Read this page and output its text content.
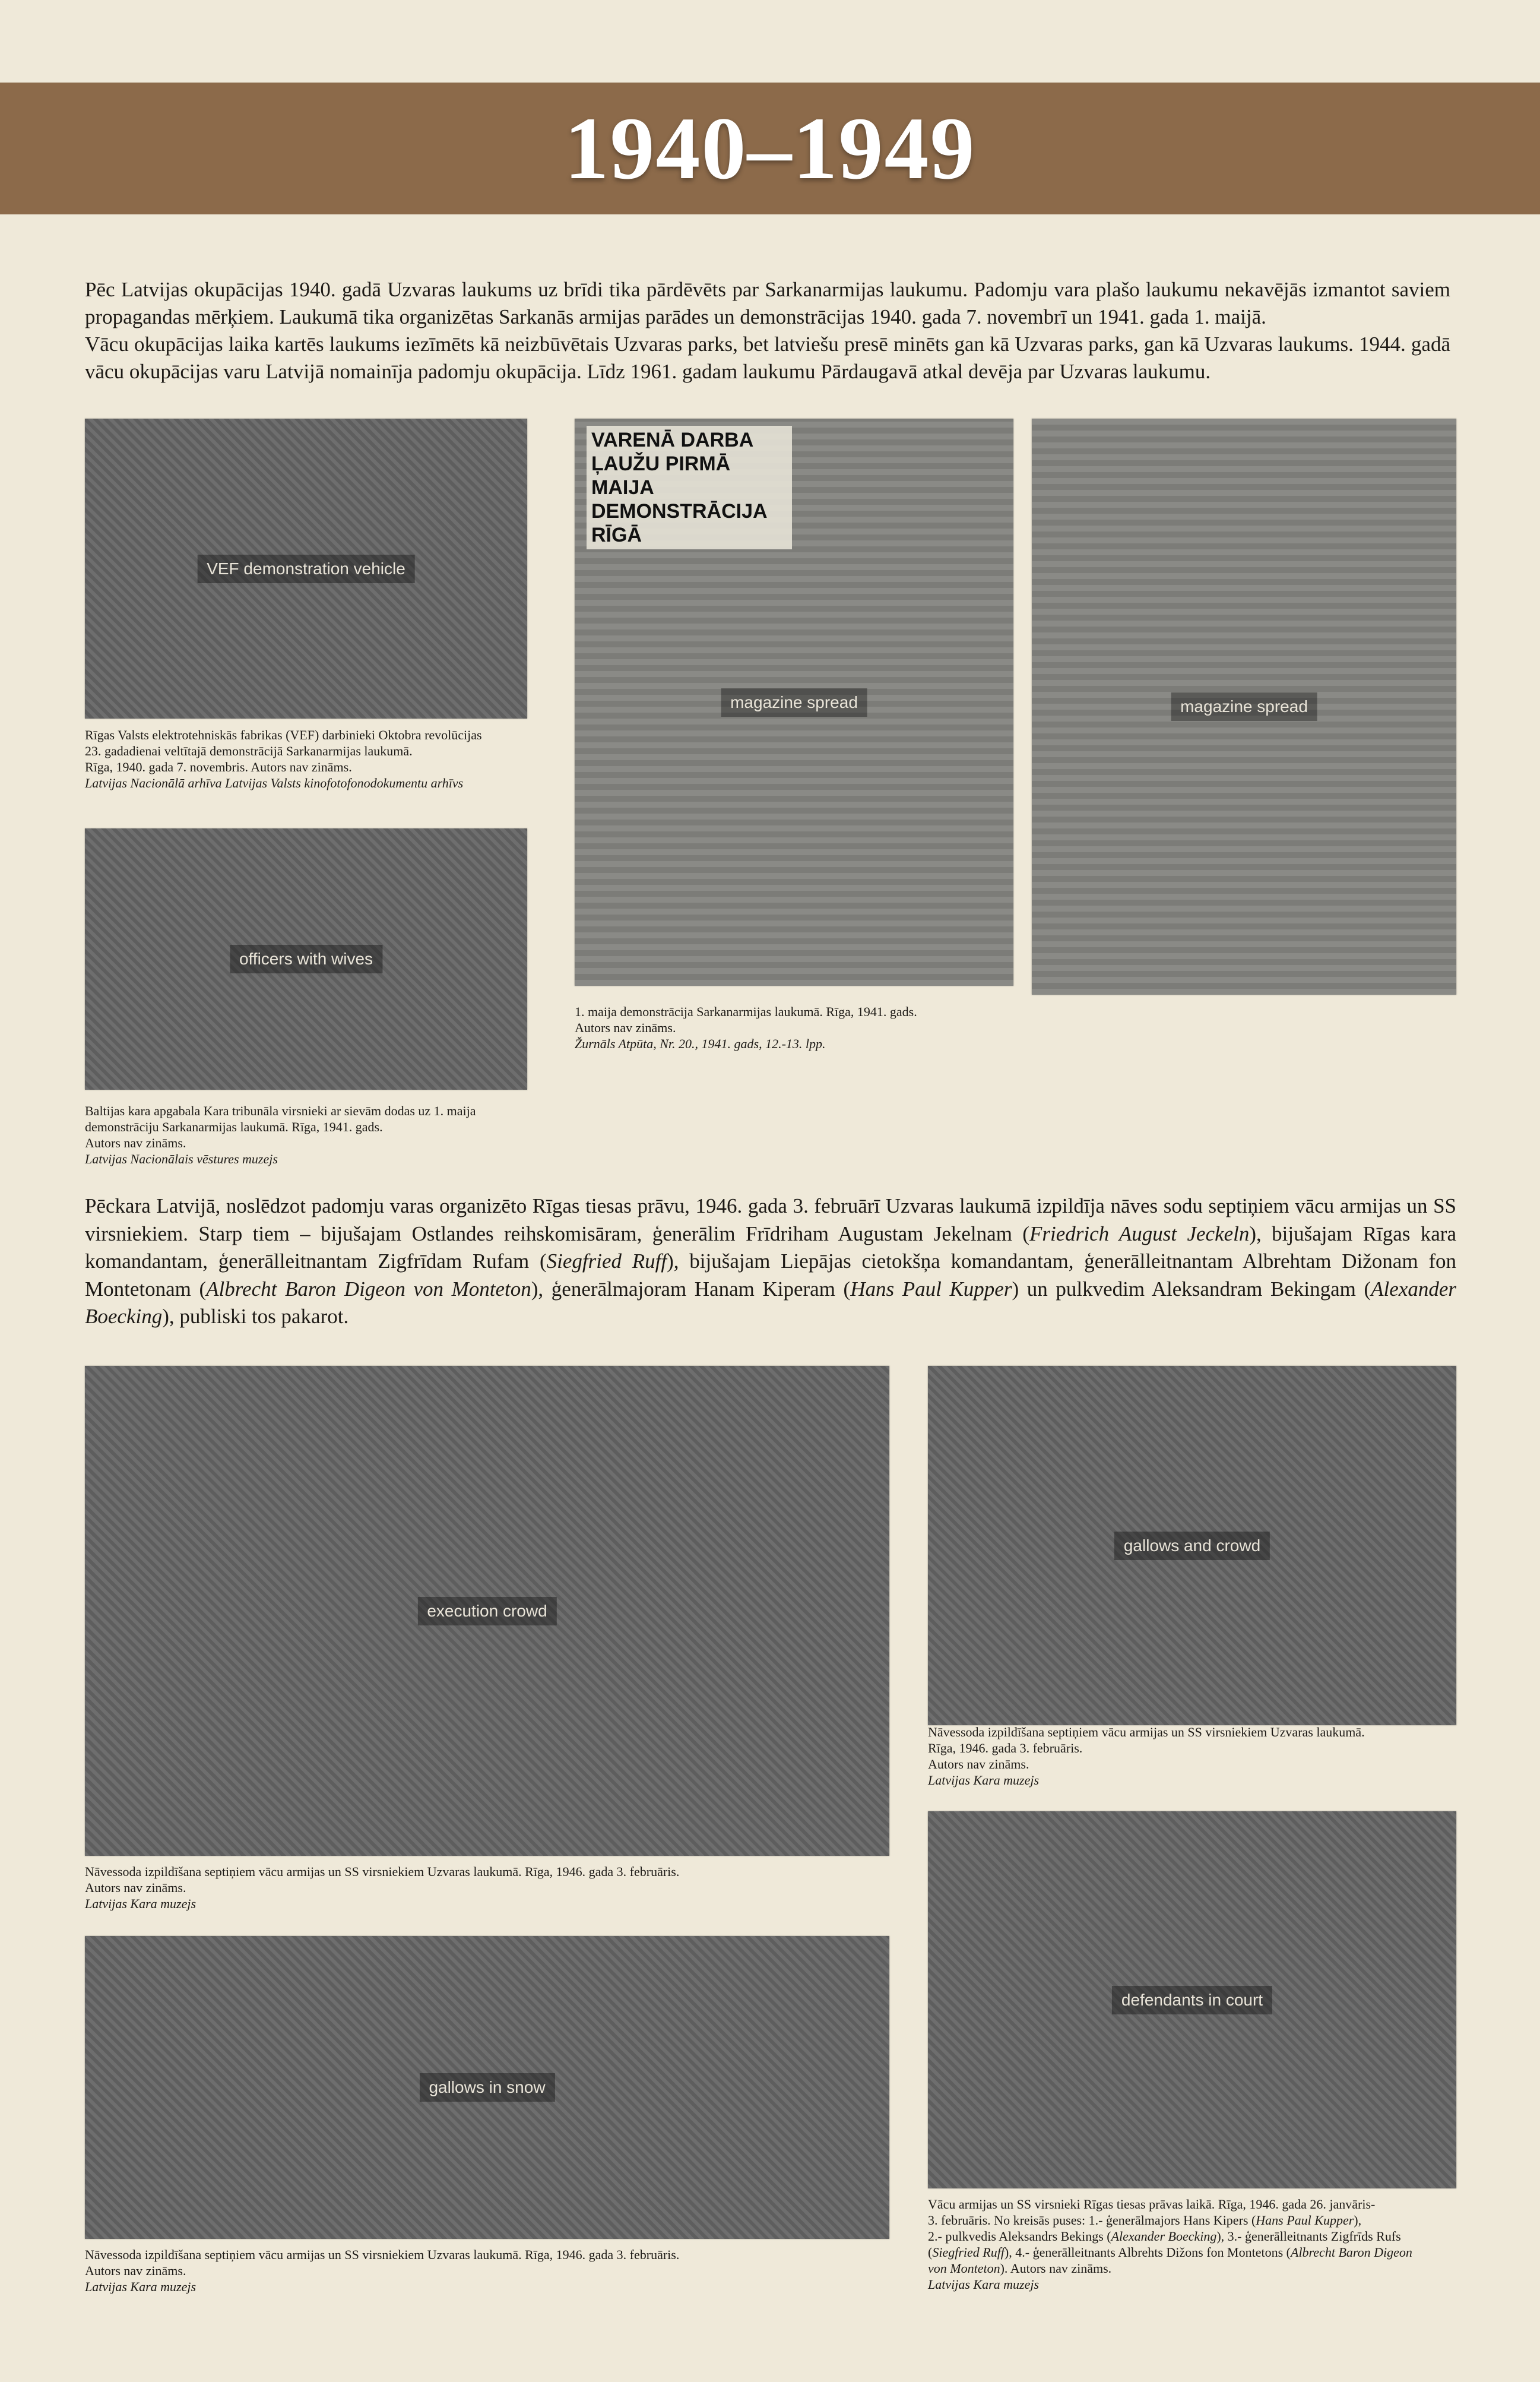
1940–1949

Pēc Latvijas okupācijas 1940. gadā Uzvaras laukums uz brīdi tika pārdēvēts par Sarkanarmijas laukumu. Padomju vara plašo laukumu nekavējās izmantot saviem propagandas mērķiem. Laukumā tika organizētas Sarkanās armijas parādes un demonstrācijas 1940. gada 7. novembrī un 1941. gada 1. maijā.

Vācu okupācijas laika kartēs laukums iezīmēts kā neizbūvētais Uzvaras parks, bet latviešu presē minēts gan kā Uzvaras parks, gan kā Uzvaras laukums. 1944. gadā vācu okupācijas varu Latvijā nomainīja padomju okupācija. Līdz 1961. gadam laukumu Pārdaugavā atkal devēja par Uzvaras laukumu.

VEF demonstration vehicle
Rīgas Valsts elektrotehniskās fabrikas (VEF) darbinieki Oktobra revolūcijas
23. gadadienai veltītajā demonstrācijā Sarkanarmijas laukumā.
Rīga, 1940. gada 7. novembris. Autors nav zināms.
Latvijas Nacionālā arhīva Latvijas Valsts kinofotofonodokumentu arhīvs
VARENĀ DARBA ĻAUŽU PIRMĀ MAIJA DEMONSTRĀCIJA RĪGĀ
magazine spread	magazine spread
1. maija demonstrācija Sarkanarmijas laukumā. Rīga, 1941. gads.
Autors nav zināms.
Žurnāls Atpūta, Nr. 20., 1941. gads, 12.-13. lpp.
officers with wives
Baltijas kara apgabala Kara tribunāla virsnieki ar sievām dodas uz 1. maija
demonstrāciju Sarkanarmijas laukumā. Rīga, 1941. gads.
Autors nav zināms.
Latvijas Nacionālais vēstures muzejs

Pēckara Latvijā, noslēdzot padomju varas organizēto Rīgas tiesas prāvu, 1946. gada 3. februārī Uzvaras laukumā izpildīja nāves sodu septiņiem vācu armijas un SS virsniekiem. Starp tiem – bijušajam Ostlandes reihskomisāram, ģenerālim Frīdriham Augustam Jekelnam (Friedrich August Jeckeln), bijušajam Rīgas kara komandantam, ģenerālleitnantam Zigfrīdam Rufam (Siegfried Ruff), bijušajam Liepājas cietokšņa komandantam, ģenerālleitnantam Albrehtam Dižonam fon Montetonam (Albrecht Baron Digeon von Monteton), ģenerālmajoram Hanam Kiperam (Hans Paul Kupper) un pulkvedim Aleksandram Bekingam (Alexander Boecking), publiski tos pakarot.

execution crowd
Nāvessoda izpildīšana septiņiem vācu armijas un SS virsniekiem Uzvaras laukumā. Rīga, 1946. gada 3. februāris.
Autors nav zināms.
Latvijas Kara muzejs
gallows and crowd
Nāvessoda izpildīšana septiņiem vācu armijas un SS virsniekiem Uzvaras laukumā.
Rīga, 1946. gada 3. februāris.
Autors nav zināms.
Latvijas Kara muzejs
gallows in snow
Nāvessoda izpildīšana septiņiem vācu armijas un SS virsniekiem Uzvaras laukumā. Rīga, 1946. gada 3. februāris.
Autors nav zināms.
Latvijas Kara muzejs
defendants in court
Vācu armijas un SS virsnieki Rīgas tiesas prāvas laikā. Rīga, 1946. gada 26. janvāris-
3. februāris. No kreisās puses: 1.- ģenerālmajors Hans Kipers (Hans Paul Kupper),
2.- pulkvedis Aleksandrs Bekings (Alexander Boecking), 3.- ģenerālleitnants Zigfrīds Rufs
(Siegfried Ruff), 4.- ģenerālleitnants Albrehts Dižons fon Montetons (Albrecht Baron Digeon
von Monteton). Autors nav zināms.
Latvijas Kara muzejs
